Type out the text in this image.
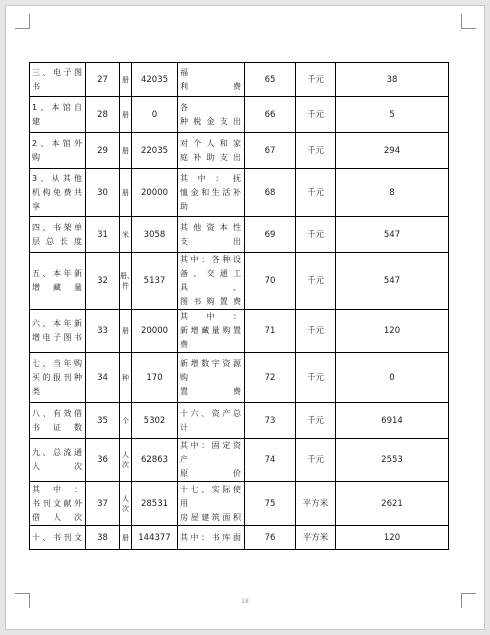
三、电子图
书	27	册	42035	福
利费	65	千元	38

1、本馆自
建	28	册	0	各
种税金支出	66	千元	5

2、本馆外
购	29	册	22035	对个人和家
庭补助支出	67	千元	294

3、从其他
机构免费共
享	30	册	20000	其中：抚
恤金和生活补助	68	千元	8

四、书架单
层总长度	31	米	3058	其他资本性
支出	69	千元	547

五、本年新
增藏量	32	册、件	5137	其中：各种设
备、交通工具、
图书购置费	70	千元	547

六、本年新
增电子图书	33	册	20000	其中：
新增藏量购置费	71	千元	120

七、当年购
买的报刊种
类	34	种	170	新增数字资源购
置费	72	千元	0

八、有效借
书证数	35	个	5302	十六、资产总计	73	千元	6914

九、总流通
人次	36	人次	62863	其中：固定资产
原价	74	千元	2553

其中：
书刊文献外
借人次	37	人次	28531	十七、实际使用
房屋建筑面积	75	平方米	2621

十、书刊文	38	册	144377	其中：书库面	76	平方米	120
18
